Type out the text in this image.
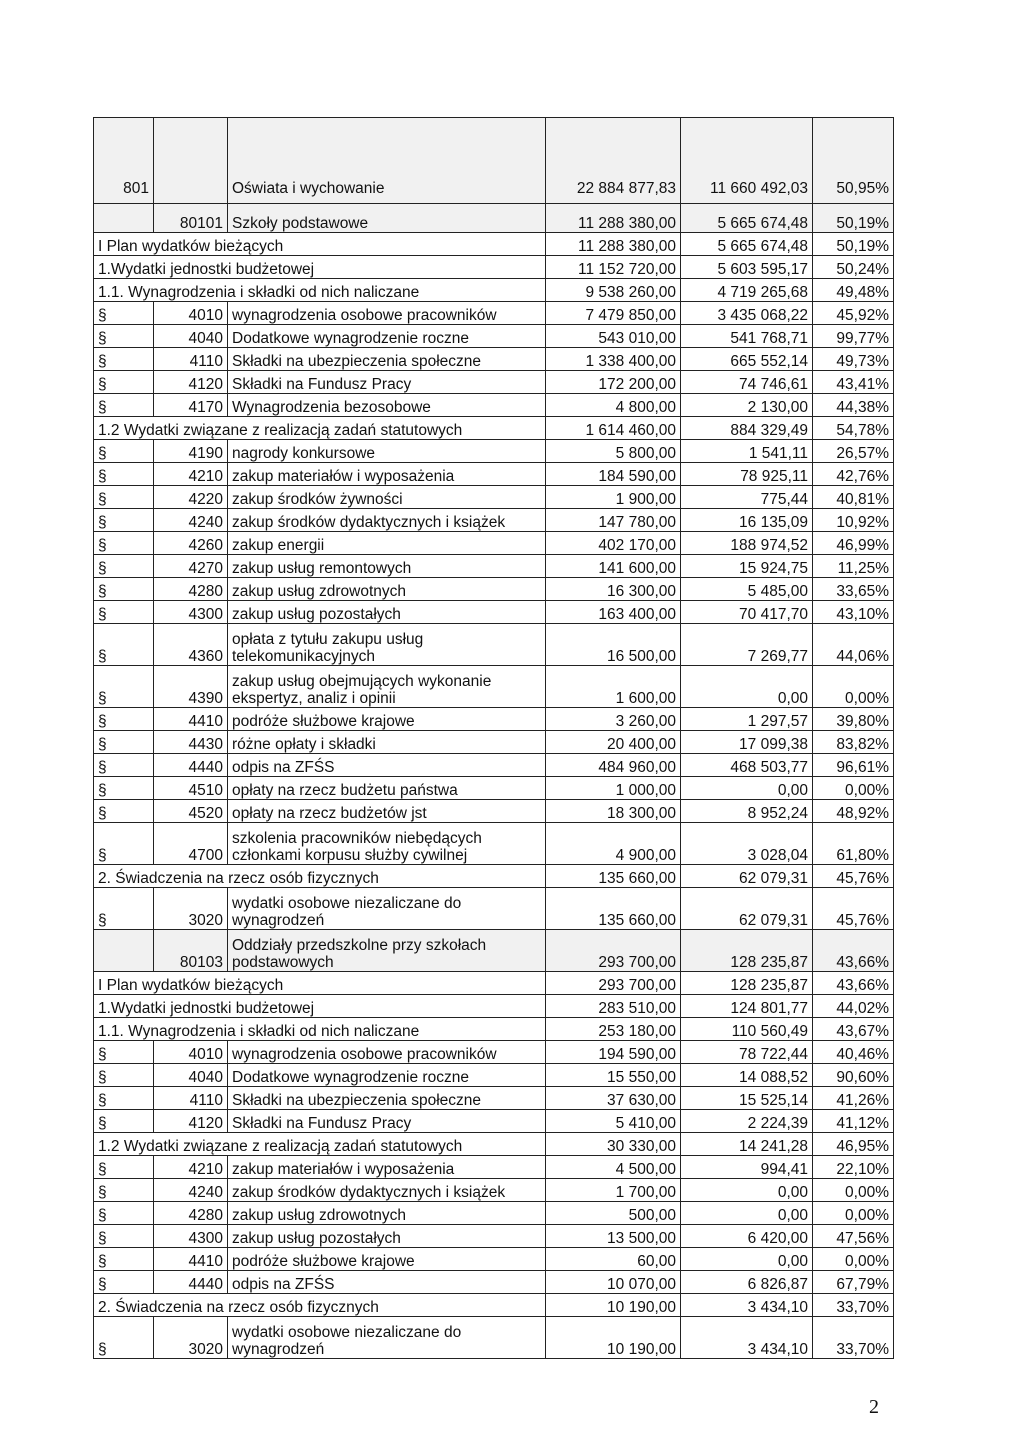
801		Oświata i wychowanie	22 884 877,83	11 660 492,03	50,95%
	80101	Szkoły podstawowe	11 288 380,00	5 665 674,48	50,19%
I Plan wydatków bieżących			11 288 380,00	5 665 674,48	50,19%
1.Wydatki jednostki budżetowej			11 152 720,00	5 603 595,17	50,24%
1.1. Wynagrodzenia i składki od nich naliczane			9 538 260,00	4 719 265,68	49,48%
§	4010	wynagrodzenia osobowe pracowników	7 479 850,00	3 435 068,22	45,92%
§	4040	Dodatkowe wynagrodzenie roczne	543 010,00	541 768,71	99,77%
§	4110	Składki na ubezpieczenia społeczne	1 338 400,00	665 552,14	49,73%
§	4120	Składki na Fundusz Pracy	172 200,00	74 746,61	43,41%
§	4170	Wynagrodzenia bezosobowe	4 800,00	2 130,00	44,38%
1.2 Wydatki związane z realizacją zadań statutowych			1 614 460,00	884 329,49	54,78%
§	4190	nagrody konkursowe	5 800,00	1 541,11	26,57%
§	4210	zakup materiałów i wyposażenia	184 590,00	78 925,11	42,76%
§	4220	zakup środków żywności	1 900,00	775,44	40,81%
§	4240	zakup środków dydaktycznych i książek	147 780,00	16 135,09	10,92%
§	4260	zakup energii	402 170,00	188 974,52	46,99%
§	4270	zakup usług remontowych	141 600,00	15 924,75	11,25%
§	4280	zakup usług zdrowotnych	16 300,00	5 485,00	33,65%
§	4300	zakup usług pozostałych	163 400,00	70 417,70	43,10%
§	4360	opłata z tytułu zakupu usług telekomunikacyjnych	16 500,00	7 269,77	44,06%
§	4390	zakup usług obejmujących wykonanie ekspertyz, analiz i opinii	1 600,00	0,00	0,00%
§	4410	podróże służbowe krajowe	3 260,00	1 297,57	39,80%
§	4430	różne opłaty i składki	20 400,00	17 099,38	83,82%
§	4440	odpis na ZFŚS	484 960,00	468 503,77	96,61%
§	4510	opłaty na rzecz budżetu państwa	1 000,00	0,00	0,00%
§	4520	opłaty na rzecz budżetów jst	18 300,00	8 952,24	48,92%
§	4700	szkolenia pracowników niebędących członkami korpusu służby cywilnej	4 900,00	3 028,04	61,80%
2. Świadczenia na rzecz osób fizycznych			135 660,00	62 079,31	45,76%
§	3020	wydatki osobowe niezaliczane do wynagrodzeń	135 660,00	62 079,31	45,76%
	80103	Oddziały przedszkolne przy szkołach podstawowych	293 700,00	128 235,87	43,66%
I Plan wydatków bieżących			293 700,00	128 235,87	43,66%
1.Wydatki jednostki budżetowej			283 510,00	124 801,77	44,02%
1.1. Wynagrodzenia i składki od nich naliczane			253 180,00	110 560,49	43,67%
§	4010	wynagrodzenia osobowe pracowników	194 590,00	78 722,44	40,46%
§	4040	Dodatkowe wynagrodzenie roczne	15 550,00	14 088,52	90,60%
§	4110	Składki na ubezpieczenia społeczne	37 630,00	15 525,14	41,26%
§	4120	Składki na Fundusz Pracy	5 410,00	2 224,39	41,12%
1.2 Wydatki związane z realizacją zadań statutowych			30 330,00	14 241,28	46,95%
§	4210	zakup materiałów i wyposażenia	4 500,00	994,41	22,10%
§	4240	zakup środków dydaktycznych i książek	1 700,00	0,00	0,00%
§	4280	zakup usług zdrowotnych	500,00	0,00	0,00%
§	4300	zakup usług pozostałych	13 500,00	6 420,00	47,56%
§	4410	podróże służbowe krajowe	60,00	0,00	0,00%
§	4440	odpis na ZFŚS	10 070,00	6 826,87	67,79%
2. Świadczenia na rzecz osób fizycznych			10 190,00	3 434,10	33,70%
§	3020	wydatki osobowe niezaliczane do wynagrodzeń	10 190,00	3 434,10	33,70%
2
